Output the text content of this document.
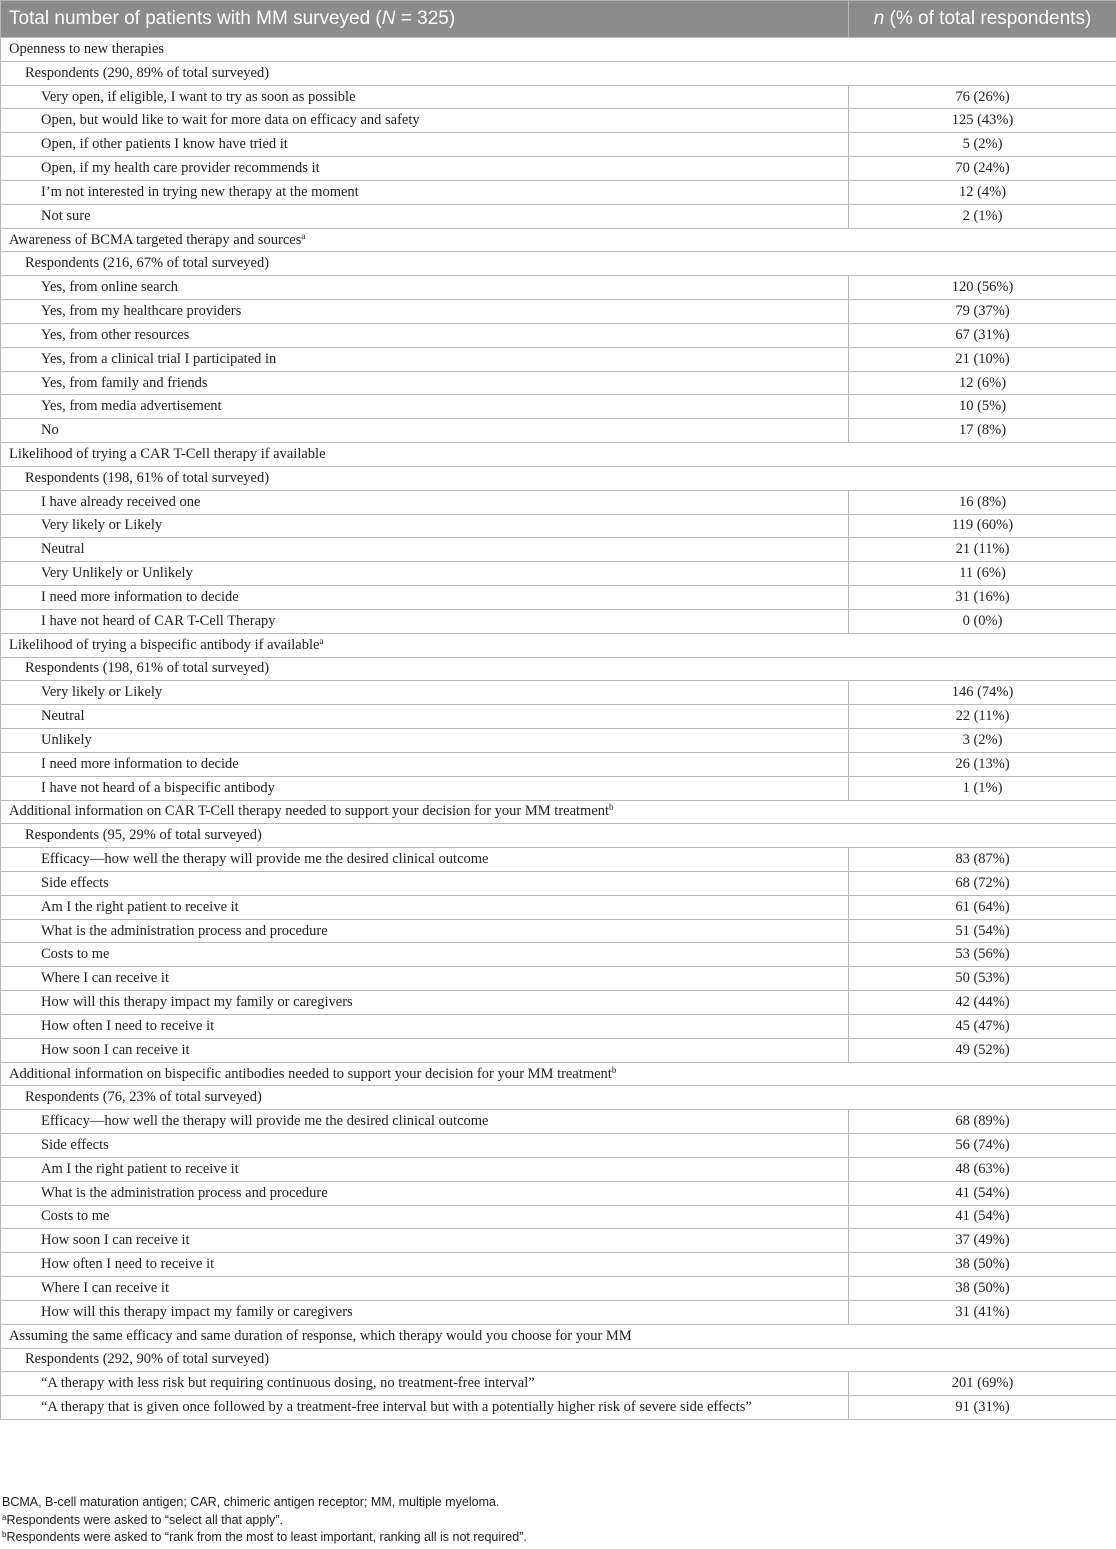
Total number of patients with MM surveyed (N = 325)	n (% of total respondents)
Openness to new therapies	
Respondents (290, 89% of total surveyed)	
Very open, if eligible, I want to try as soon as possible	76 (26%)
Open, but would like to wait for more data on efficacy and safety	125 (43%)
Open, if other patients I know have tried it	5 (2%)
Open, if my health care provider recommends it	70 (24%)
I’m not interested in trying new therapy at the moment	12 (4%)
Not sure	2 (1%)
Awareness of BCMA targeted therapy and sources$^a$
Respondents (216, 67% of total surveyed)	
Yes, from online search	120 (56%)
Yes, from my healthcare providers	79 (37%)
Yes, from other resources	67 (31%)
Yes, from a clinical trial I participated in	21 (10%)
Yes, from family and friends	12 (6%)
Yes, from media advertisement	10 (5%)
No	17 (8%)
Likelihood of trying a CAR T-Cell therapy if available	
Respondents (198, 61% of total surveyed)	
I have already received one	16 (8%)
Very likely or Likely	119 (60%)
Neutral	21 (11%)
Very Unlikely or Unlikely	11 (6%)
I need more information to decide	31 (16%)
I have not heard of CAR T-Cell Therapy	0 (0%)
Likelihood of trying a bispecific antibody if available$^a$
Respondents (198, 61% of total surveyed)	
Very likely or Likely	146 (74%)
Neutral	22 (11%)
Unlikely	3 (2%)
I need more information to decide	26 (13%)
I have not heard of a bispecific antibody	1 (1%)
Additional information on CAR T-Cell therapy needed to support your decision for your MM treatment$^b$
Respondents (95, 29% of total surveyed)	
Efficacy—how well the therapy will provide me the desired clinical outcome	83 (87%)
Side effects	68 (72%)
Am I the right patient to receive it	61 (64%)
What is the administration process and procedure	51 (54%)
Costs to me	53 (56%)
Where I can receive it	50 (53%)
How will this therapy impact my family or caregivers	42 (44%)
How often I need to receive it	45 (47%)
How soon I can receive it	49 (52%)
Additional information on bispecific antibodies needed to support your decision for your MM treatment$^b$
Respondents (76, 23% of total surveyed)	
Efficacy—how well the therapy will provide me the desired clinical outcome	68 (89%)
Side effects	56 (74%)
Am I the right patient to receive it	48 (63%)
What is the administration process and procedure	41 (54%)
Costs to me	41 (54%)
How soon I can receive it	37 (49%)
How often I need to receive it	38 (50%)
Where I can receive it	38 (50%)
How will this therapy impact my family or caregivers	31 (41%)
Assuming the same efficacy and same duration of response, which therapy would you choose for your MM	
Respondents (292, 90% of total surveyed)	
“A therapy with less risk but requiring continuous dosing, no treatment-free interval”	201 (69%)
“A therapy that is given once followed by a treatment-free interval but with a potentially higher risk of severe side effects”	91 (31%)
BCMA, B-cell maturation antigen; CAR, chimeric antigen receptor; MM, multiple myeloma.
$^a$Respondents were asked to “select all that apply”.
$^b$Respondents were asked to “rank from the most to least important, ranking all is not required”.
